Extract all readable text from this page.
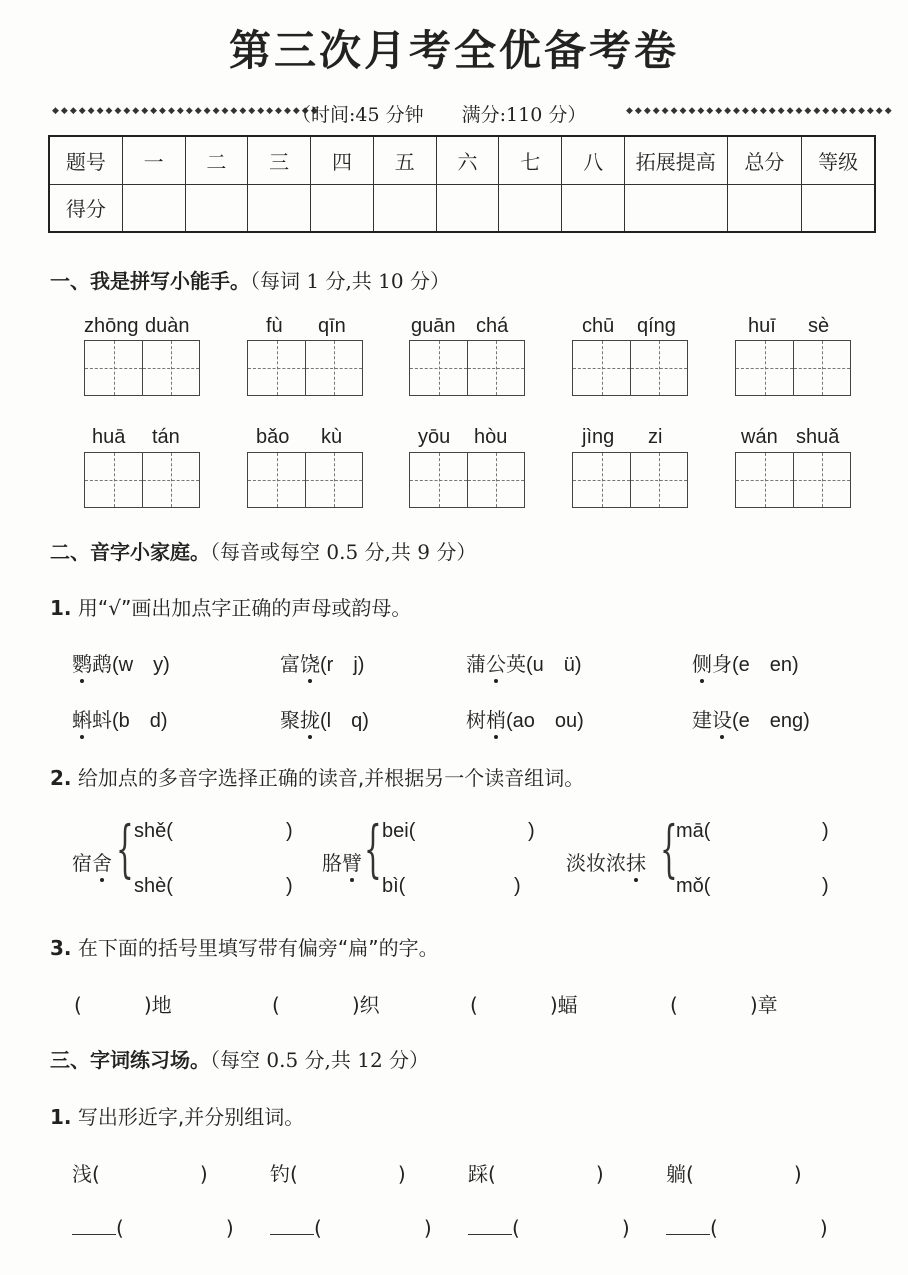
第三次月考全优备考卷
◆◆◆◆◆◆◆◆◆◆◆◆◆◆◆◆◆◆◆◆◆◆◆◆◆◆◆◆◆◆
（时间:45 分钟　　满分:110 分）	◆◆◆◆◆◆◆◆◆◆◆◆◆◆◆◆◆◆◆◆◆◆◆◆◆◆◆◆◆◆
题号	一	二	三	四	五	六	七	八	拓展提高	总分	等级
得分											
一、我是拼写小能手。（每词 1 分,共 10 分）
zhōng duàn	fù qīn	guān chá	chū qíng	huī sè
huā tán	bǎo kù	yōu hòu	jìng zi	wán shuǎ
二、音字小家庭。（每音或每空 0.5 分,共 9 分）
1. 用“√”画出加点字正确的声母或韵母。
鹦鹉(w　y)	富饶(r　j)	蒲公英(u　ü)	侧身(e　en)
蝌蚪(b　d)	聚拢(l　q)	树梢(ao　ou)	建设(e　eng)
2. 给加点的多音字选择正确的读音,并根据另一个读音组词。
宿舍 { shě(	)
shè(	)
胳臂 { bei(	)
bì(	)
淡妆浓抹 {
mā(	)
mǒ(	)
3. 在下面的括号里填写带有偏旁“扁”的字。
(	)地	(	)织	(	)蝠	(	)章
三、字词练习场。（每空 0.5 分,共 12 分）
1. 写出形近字,并分别组词。
浅(	)	钓(	)	踩(	)	躺(	)
(	)	(	)	(	)	(	)
